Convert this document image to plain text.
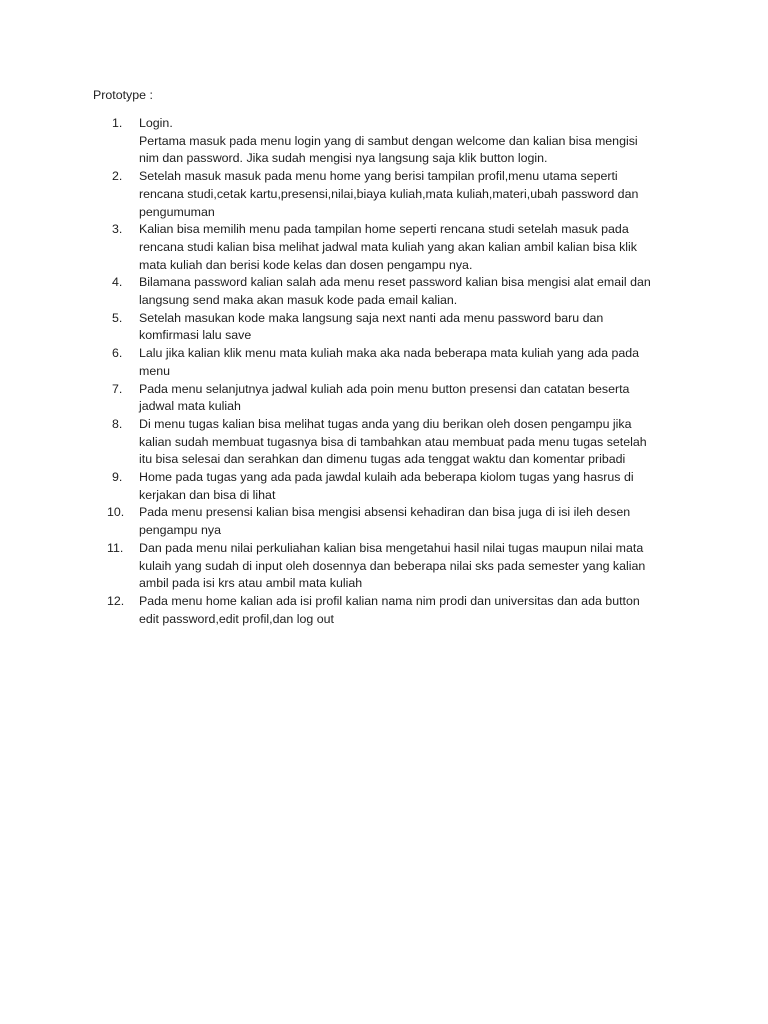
Prototype :

1.	Login.
Pertama masuk pada menu login yang di sambut dengan welcome dan kalian bisa mengisi
nim dan password. Jika sudah mengisi nya langsung saja klik button login.
2.	Setelah masuk masuk pada menu home yang berisi tampilan profil,menu utama seperti
rencana studi,cetak kartu,presensi,nilai,biaya kuliah,mata kuliah,materi,ubah password dan
pengumuman
3.	Kalian bisa memilih menu pada tampilan home seperti rencana studi setelah masuk pada
rencana studi kalian bisa melihat jadwal mata kuliah yang akan kalian ambil kalian bisa klik
mata kuliah dan berisi kode kelas dan dosen pengampu nya.
4.	Bilamana password kalian salah ada menu reset password kalian bisa mengisi alat email dan
langsung send maka akan masuk kode pada email kalian.
5.	Setelah masukan kode maka langsung saja next nanti ada menu password baru dan
komfirmasi lalu save
6.	Lalu jika kalian klik menu mata kuliah maka aka nada beberapa mata kuliah yang ada pada
menu
7.	Pada menu selanjutnya jadwal kuliah ada poin menu button presensi dan catatan beserta
jadwal mata kuliah
8.	Di menu tugas kalian bisa melihat tugas anda yang diu berikan oleh dosen pengampu jika
kalian sudah membuat tugasnya bisa di tambahkan atau membuat pada menu tugas setelah
itu bisa selesai dan serahkan dan dimenu tugas ada tenggat waktu dan komentar pribadi
9.	Home pada tugas yang ada pada jawdal kulaih ada beberapa kiolom tugas yang hasrus di
kerjakan dan bisa di lihat
10. Pada menu presensi kalian bisa mengisi absensi kehadiran dan bisa juga di isi ileh desen
pengampu nya
11. Dan pada menu nilai perkuliahan kalian bisa mengetahui hasil nilai tugas maupun nilai mata
kulaih yang sudah di input oleh dosennya dan beberapa nilai sks pada semester yang kalian
ambil pada isi krs atau ambil mata kuliah
12. Pada menu home kalian ada isi profil kalian nama nim prodi dan universitas dan ada button
edit password,edit profil,dan log out
